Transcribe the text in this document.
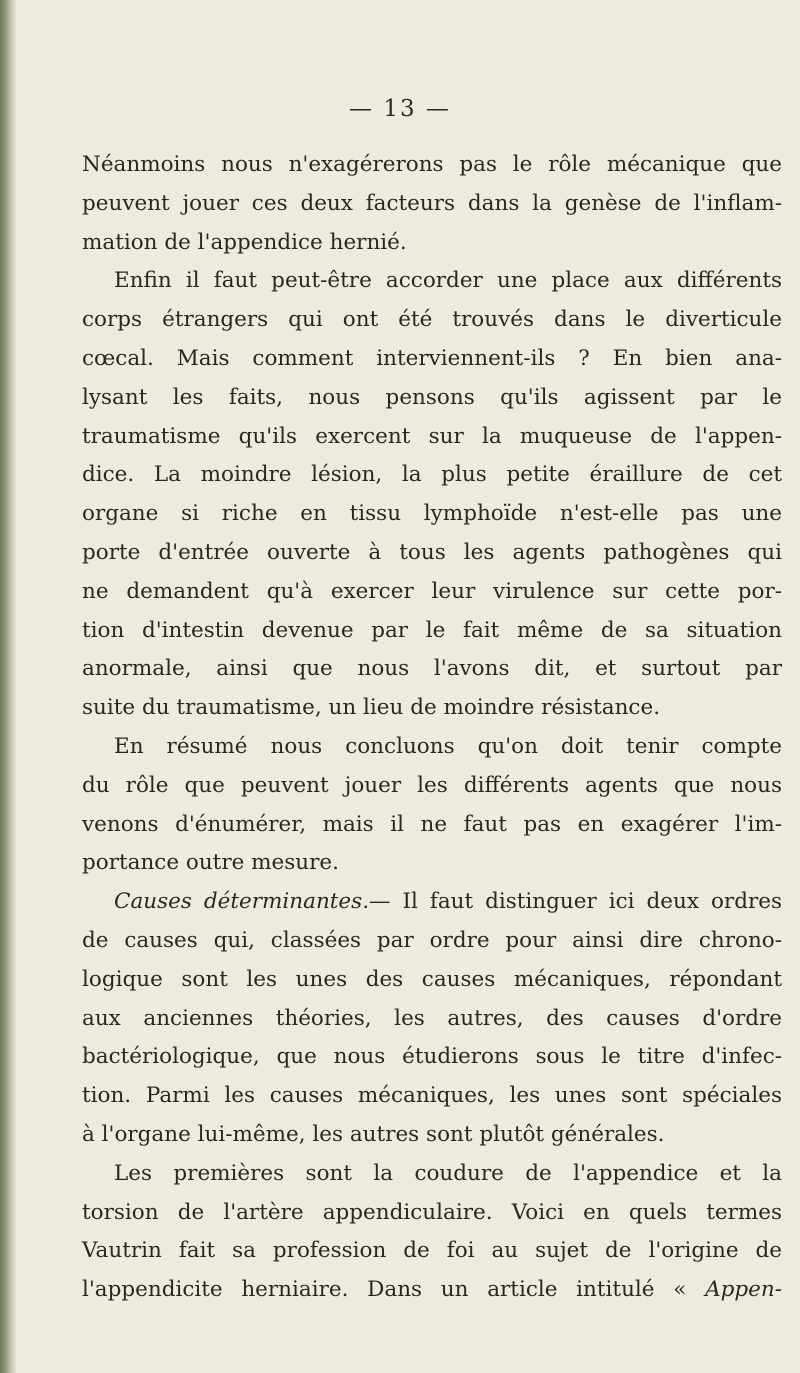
— 13 —
Néanmoins nous n'exagérerons pas le rôle mécanique que
peuvent jouer ces deux facteurs dans la genèse de l'inflam-
mation de l'appendice hernié.
Enfin il faut peut-être accorder une place aux différents
corps étrangers qui ont été trouvés dans le diverticule
cœcal. Mais comment interviennent-ils ? En bien ana-
lysant les faits, nous pensons qu'ils agissent par le
traumatisme qu'ils exercent sur la muqueuse de l'appen-
dice. La moindre lésion, la plus petite éraillure de cet
organe si riche en tissu lymphoïde n'est-elle pas une
porte d'entrée ouverte à tous les agents pathogènes qui
ne demandent qu'à exercer leur virulence sur cette por-
tion d'intestin devenue par le fait même de sa situation
anormale, ainsi que nous l'avons dit, et surtout par
suite du traumatisme, un lieu de moindre résistance.
En résumé nous concluons qu'on doit tenir compte
du rôle que peuvent jouer les différents agents que nous
venons d'énumérer, mais il ne faut pas en exagérer l'im-
portance outre mesure.
Causes déterminantes.— Il faut distinguer ici deux ordres
de causes qui, classées par ordre pour ainsi dire chrono-
logique sont les unes des causes mécaniques, répondant
aux anciennes théories, les autres, des causes d'ordre
bactériologique, que nous étudierons sous le titre d'infec-
tion. Parmi les causes mécaniques, les unes sont spéciales
à l'organe lui-même, les autres sont plutôt générales.
Les premières sont la coudure de l'appendice et la
torsion de l'artère appendiculaire. Voici en quels termes
Vautrin fait sa profession de foi au sujet de l'origine de
l'appendicite herniaire. Dans un article intitulé « Appen-
